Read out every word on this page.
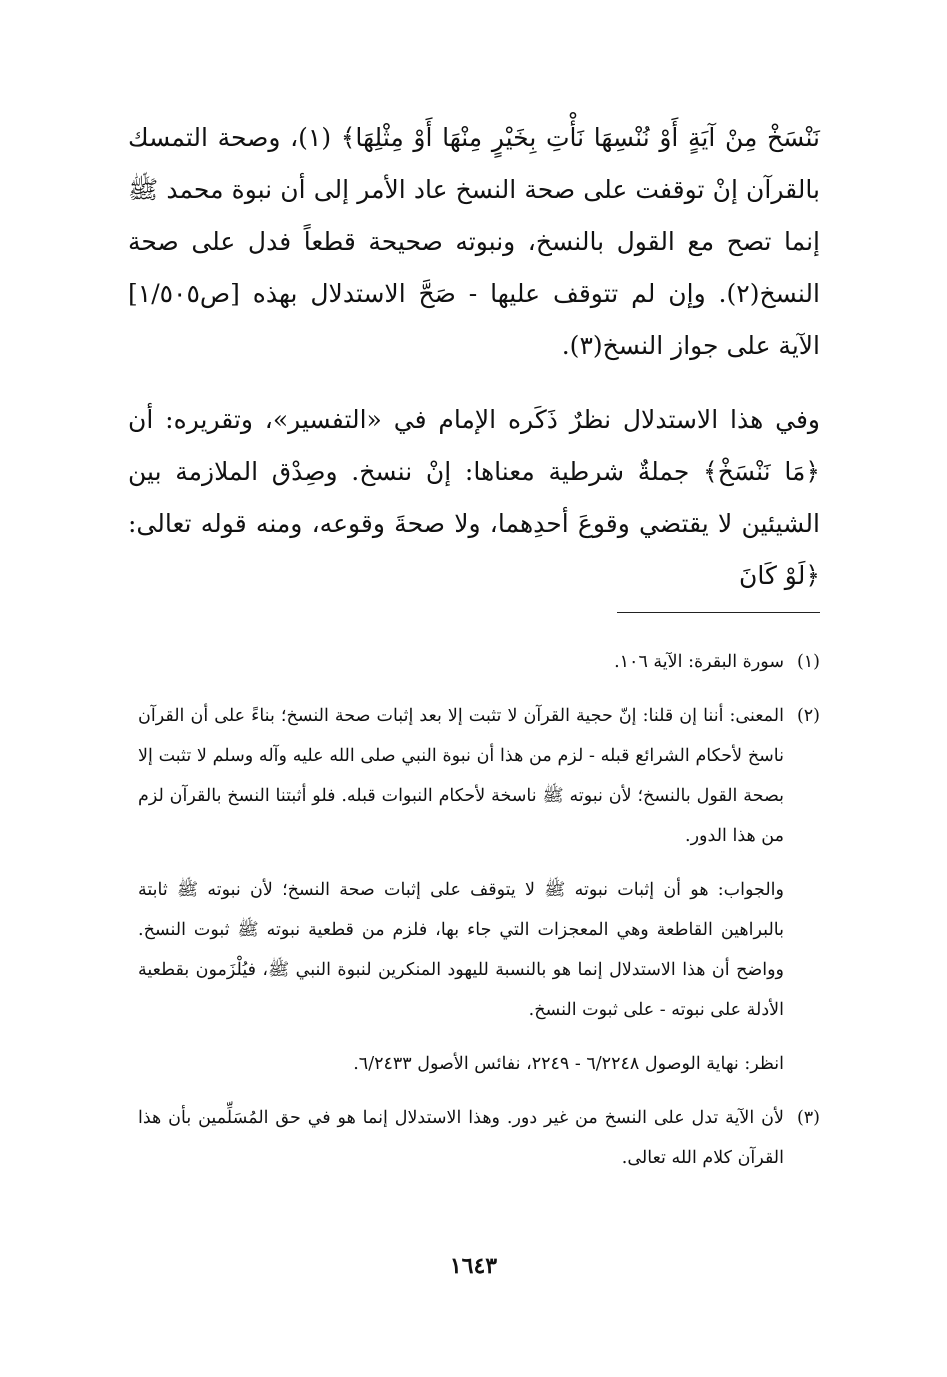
نَنْسَخْ مِنْ آيَةٍ أَوْ نُنْسِهَا نَأْتِ بِخَيْرٍ مِنْهَا أَوْ مِثْلِهَا﴾ (١)، وصحة التمسك بالقرآن إنْ توقفت على صحة النسخ عاد الأمر إلى أن نبوة محمد ﷺ إنما تصح مع القول بالنسخ، ونبوته صحيحة قطعاً فدل على صحة النسخ(٢). وإن لم تتوقف عليها - صَحَّ الاستدلال بهذه [ص١/٥٠٥] الآية على جواز النسخ(٣).

وفي هذا الاستدلال نظرٌ ذَكَره الإمام في «التفسير»، وتقريره: أن ﴿مَا نَنْسَخْ﴾ جملةٌ شرطية معناها: إنْ ننسخ. وصِدْق الملازمة بين الشيئين لا يقتضي وقوعَ أحدِهما، ولا صحةَ وقوعه، ومنه قوله تعالى: ﴿لَوْ كَانَ

(١)

سورة البقرة: الآية ١٠٦.

(٢)

المعنى: أننا إن قلنا: إنّ حجية القرآن لا تثبت إلا بعد إثبات صحة النسخ؛ بناءً على أن القرآن ناسخ لأحكام الشرائع قبله - لزم من هذا أن نبوة النبي صلى الله عليه وآله وسلم لا تثبت إلا بصحة القول بالنسخ؛ لأن نبوته ﷺ ناسخة لأحكام النبوات قبله. فلو أثبتنا النسخ بالقرآن لزم من هذا الدور.

والجواب: هو أن إثبات نبوته ﷺ لا يتوقف على إثبات صحة النسخ؛ لأن نبوته ﷺ ثابتة بالبراهين القاطعة وهي المعجزات التي جاء بها، فلزم من قطعية نبوته ﷺ ثبوت النسخ. وواضح أن هذا الاستدلال إنما هو بالنسبة لليهود المنكرين لنبوة النبي ﷺ، فيُلْزَمون بقطعية الأدلة على نبوته - على ثبوت النسخ.

انظر: نهاية الوصول ٦/٢٢٤٨ - ٢٢٤٩، نفائس الأصول ٦/٢٤٣٣.

(٣)

لأن الآية تدل على النسخ من غير دور. وهذا الاستدلال إنما هو في حق المُسَلِّمين بأن هذا القرآن كلام الله تعالى.

١٦٤٣
